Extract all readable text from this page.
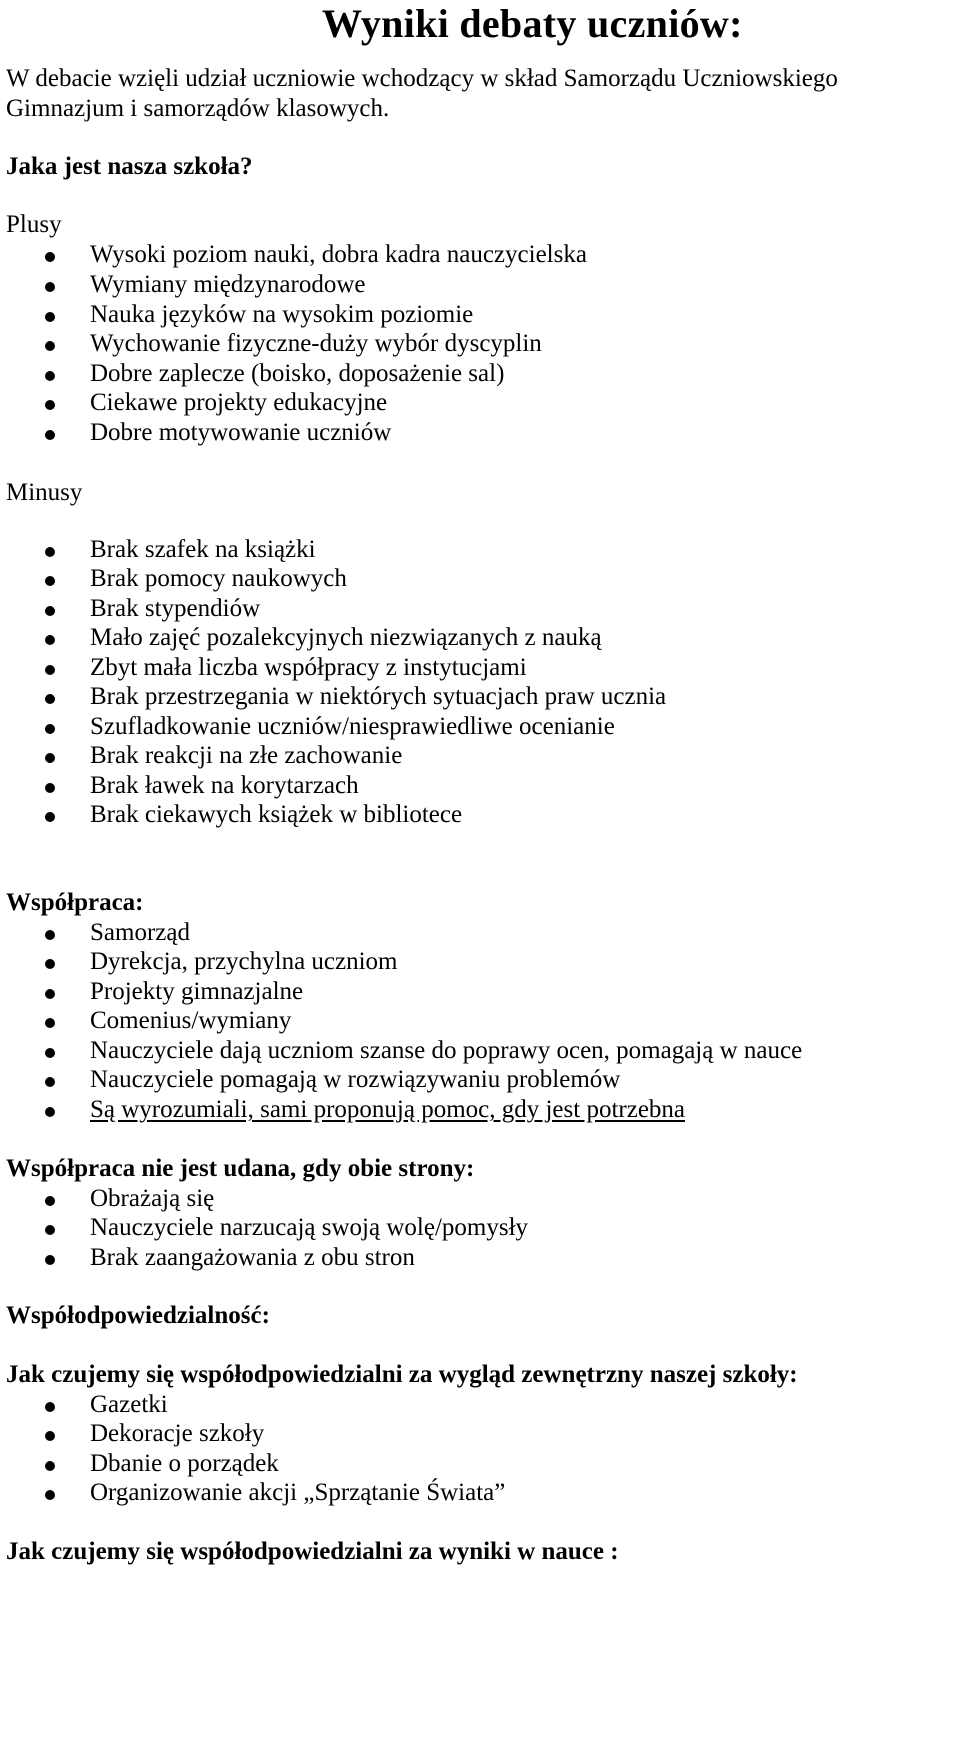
Wyniki debaty uczniów:
W debacie wzięli udział uczniowie wchodzący w skład Samorządu Uczniowskiego
Gimnazjum i samorządów klasowych.
Jaka jest nasza szkoła?
Plusy
Wysoki poziom nauki, dobra kadra nauczycielska
Wymiany międzynarodowe
Nauka języków na wysokim poziomie
Wychowanie fizyczne-duży wybór dyscyplin
Dobre zaplecze (boisko, doposażenie sal)
Ciekawe projekty edukacyjne
Dobre motywowanie uczniów
Minusy
Brak szafek na książki
Brak pomocy naukowych
Brak stypendiów
Mało zajęć pozalekcyjnych niezwiązanych z nauką
Zbyt mała liczba współpracy z instytucjami
Brak przestrzegania w niektórych sytuacjach praw ucznia
Szufladkowanie uczniów/niesprawiedliwe ocenianie
Brak reakcji na złe zachowanie
Brak ławek na korytarzach
Brak ciekawych książek w bibliotece
Współpraca:
Samorząd
Dyrekcja, przychylna uczniom
Projekty gimnazjalne
Comenius/wymiany
Nauczyciele dają uczniom szanse do poprawy ocen, pomagają w nauce
Nauczyciele pomagają w rozwiązywaniu problemów
Są wyrozumiali, sami proponują pomoc, gdy jest potrzebna
Współpraca nie jest udana, gdy obie strony:
Obrażają się
Nauczyciele narzucają swoją wolę/pomysły
Brak zaangażowania z obu stron
Współodpowiedzialność:
Jak czujemy się współodpowiedzialni za wygląd zewnętrzny naszej szkoły:
Gazetki
Dekoracje szkoły
Dbanie o porządek
Organizowanie akcji „Sprzątanie Świata”
Jak czujemy się współodpowiedzialni za wyniki w nauce :
